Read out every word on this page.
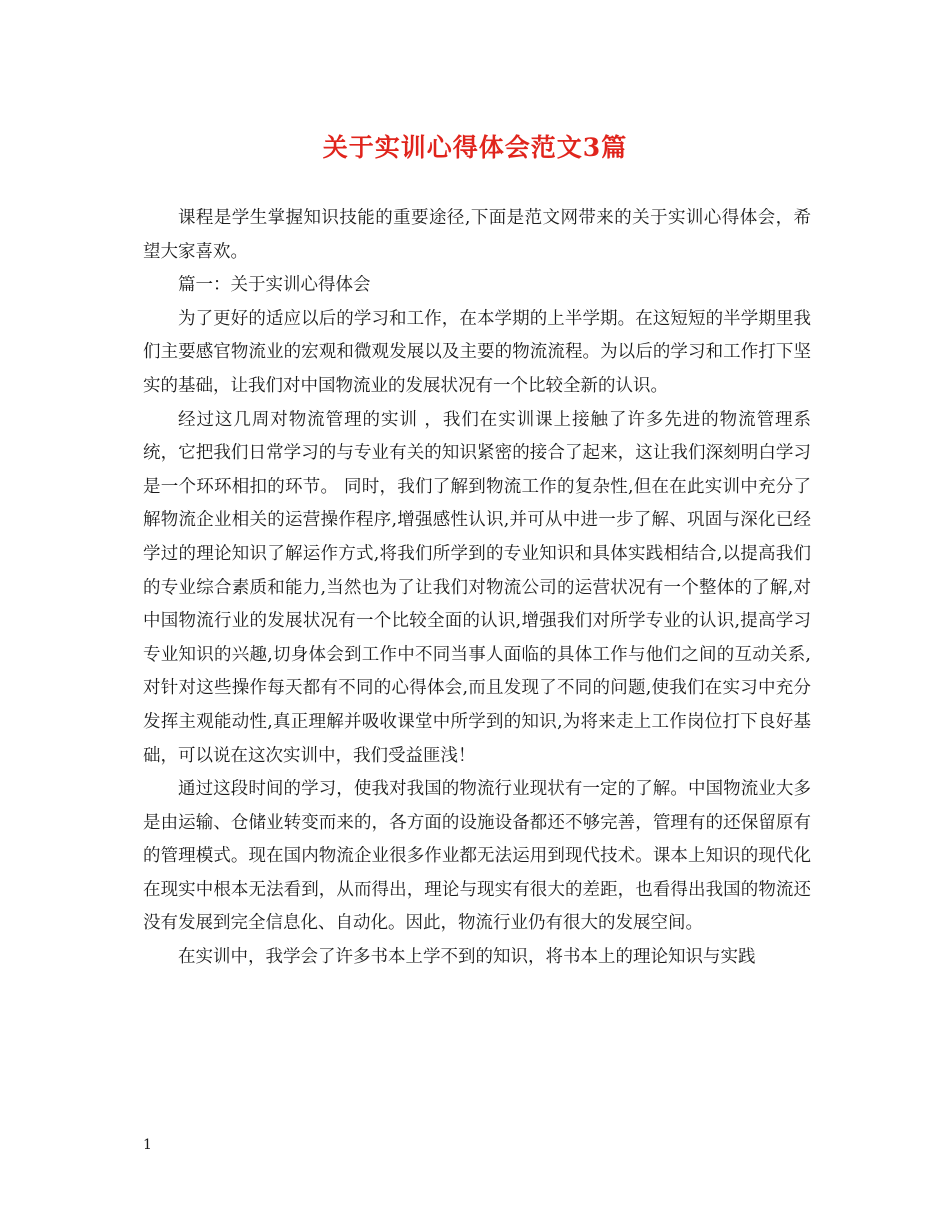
关于实训心得体会范文3篇

课程是学生掌握知识技能的重要途径,下面是范文网带来的关于实训心得体会，希望大家喜欢。

篇一：关于实训心得体会

为了更好的适应以后的学习和工作，在本学期的上半学期。在这短短的半学期里我们主要感官物流业的宏观和微观发展以及主要的物流流程。为以后的学习和工作打下坚实的基础，让我们对中国物流业的发展状况有一个比较全新的认识。

经过这几周对物流管理的实训 ，我们在实训课上接触了许多先进的物流管理系统，它把我们日常学习的与专业有关的知识紧密的接合了起来，这让我们深刻明白学习是一个环环相扣的环节。 同时，我们了解到物流工作的复杂性,但在在此实训中充分了解物流企业相关的运营操作程序,增强感性认识,并可从中进一步了解、巩固与深化已经学过的理论知识了解运作方式,将我们所学到的专业知识和具体实践相结合,以提高我们的专业综合素质和能力,当然也为了让我们对物流公司的运营状况有一个整体的了解,对中国物流行业的发展状况有一个比较全面的认识,增强我们对所学专业的认识,提高学习专业知识的兴趣,切身体会到工作中不同当事人面临的具体工作与他们之间的互动关系,对针对这些操作每天都有不同的心得体会,而且发现了不同的问题,使我们在实习中充分发挥主观能动性,真正理解并吸收课堂中所学到的知识,为将来走上工作岗位打下良好基础，可以说在这次实训中，我们受益匪浅！

通过这段时间的学习，使我对我国的物流行业现状有一定的了解。中国物流业大多是由运输、仓储业转变而来的，各方面的设施设备都还不够完善，管理有的还保留原有的管理模式。现在国内物流企业很多作业都无法运用到现代技术。课本上知识的现代化在现实中根本无法看到，从而得出，理论与现实有很大的差距，也看得出我国的物流还没有发展到完全信息化、自动化。因此，物流行业仍有很大的发展空间。

在实训中，我学会了许多书本上学不到的知识，将书本上的理论知识与实践

1
